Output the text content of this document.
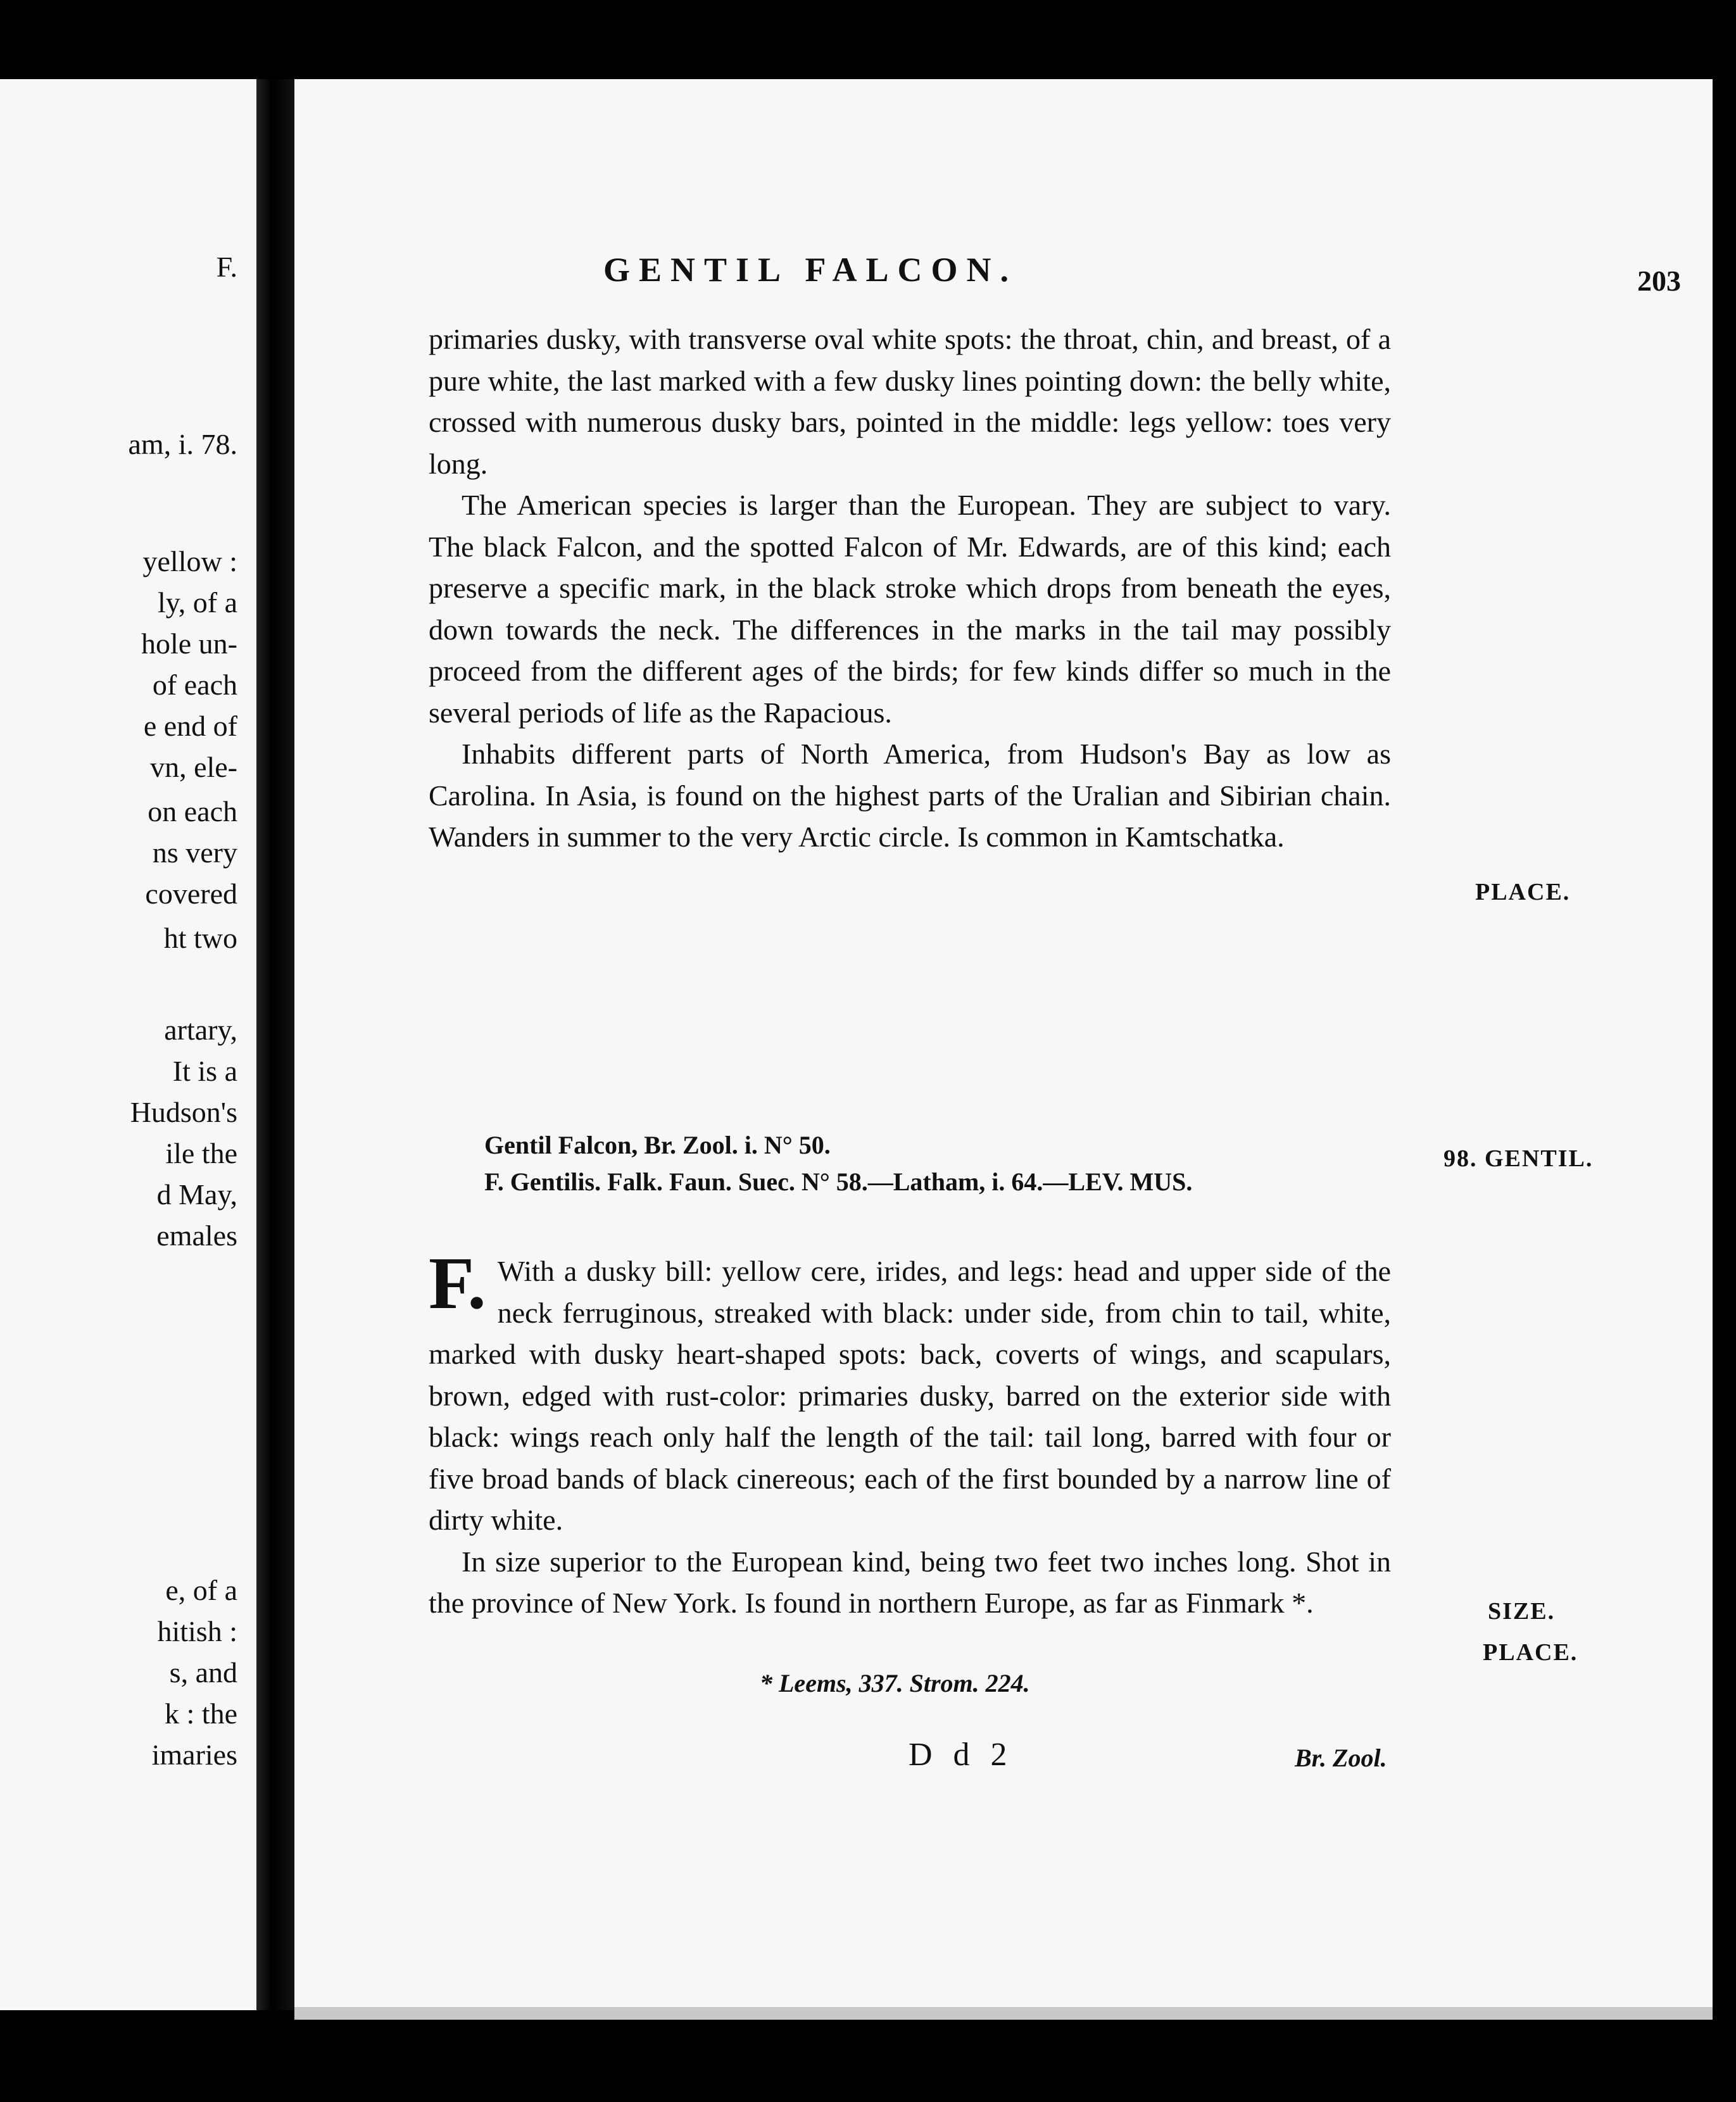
F.
am, i. 78.
yellow :
ly, of a
hole un-
of each
e end of
vn, ele-
on each
ns very
covered
ht two
artary,
It is a
Hudson's
ile the
d May,
emales
e, of a
hitish :
s, and
k : the
imaries
GENTIL FALCON.	203

primaries dusky, with transverse oval white spots: the throat, chin, and breast, of a pure white, the last marked with a few dusky lines pointing down: the belly white, crossed with numerous dusky bars, pointed in the middle: legs yellow: toes very long.

The American species is larger than the European. They are subject to vary. The black Falcon, and the spotted Falcon of Mr. Edwards, are of this kind; each preserve a specific mark, in the black stroke which drops from beneath the eyes, down towards the neck. The differences in the marks in the tail may possibly proceed from the different ages of the birds; for few kinds differ so much in the several periods of life as the Rapacious.

Inhabits different parts of North America, from Hudson's Bay as low as Carolina. In Asia, is found on the highest parts of the Uralian and Sibirian chain. Wanders in summer to the very Arctic circle. Is common in Kamtschatka.

PLACE.
98. GENTIL.
Gentil Falcon, Br. Zool. i. N° 50.
F. Gentilis. Falk. Faun. Suec. N° 58.—Latham, i. 64.—LEV. MUS.

F. With a dusky bill: yellow cere, irides, and legs: head and upper side of the neck ferruginous, streaked with black: under side, from chin to tail, white, marked with dusky heart-shaped spots: back, coverts of wings, and scapulars, brown, edged with rust-color: primaries dusky, barred on the exterior side with black: wings reach only half the length of the tail: tail long, barred with four or five broad bands of black cinereous; each of the first bounded by a narrow line of dirty white.

In size superior to the European kind, being two feet two inches long. Shot in the province of New York. Is found in northern Europe, as far as Finmark *.	SIZE.
PLACE.
* Leems, 337. Strom. 224.
D d 2	Br. Zool.
